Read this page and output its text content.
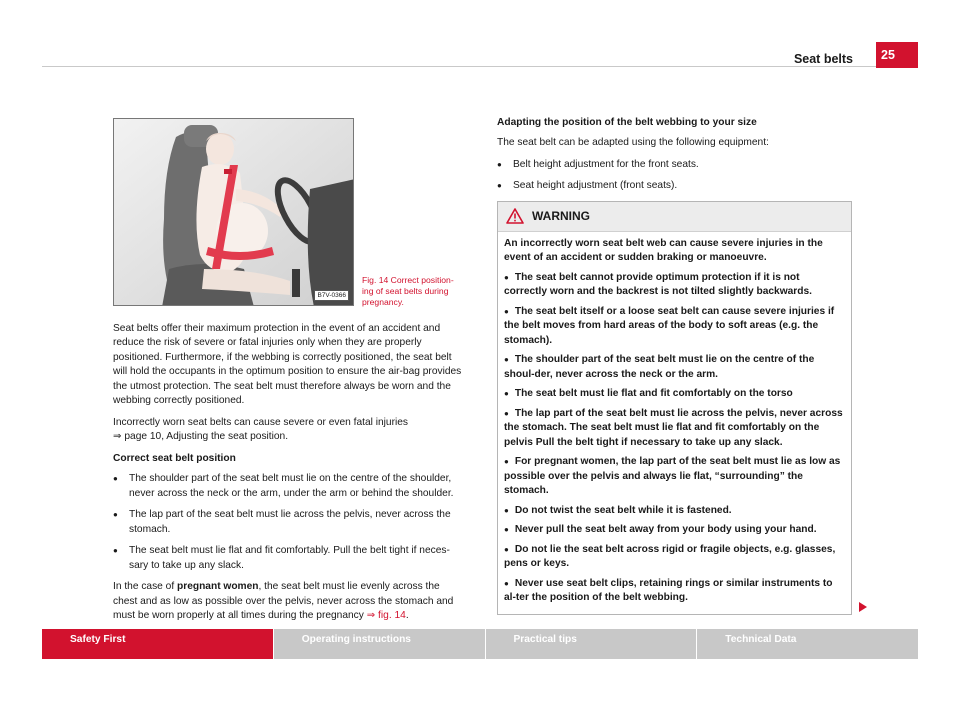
Seat belts	25
B7V-0366
Fig. 14 Correct position-ing of seat belts during pregnancy.

Seat belts offer their maximum protection in the event of an accident and reduce the risk of severe or fatal injuries only when they are properly positioned. Furthermore, if the webbing is correctly positioned, the seat belt will hold the occupants in the optimum position to ensure the air-bag provides the utmost protection. The seat belt must therefore always be worn and the webbing correctly positioned.

Incorrectly worn seat belts can cause severe or even fatal injuries
⇒ page 10, Adjusting the seat position.

Correct seat belt position
● The shoulder part of the seat belt must lie on the centre of the shoulder, never across the neck or the arm, under the arm or behind the shoulder.
● The lap part of the seat belt must lie across the pelvis, never across the stomach.
● The seat belt must lie flat and fit comfortably. Pull the belt tight if neces-sary to take up any slack.

In the case of pregnant women, the seat belt must lie evenly across the chest and as low as possible over the pelvis, never across the stomach and must be worn properly at all times during the pregnancy ⇒ fig. 14.

Adapting the position of the belt webbing to your size

The seat belt can be adapted using the following equipment:

● Belt height adjustment for the front seats.
● Seat height adjustment (front seats).
WARNING

An incorrectly worn seat belt web can cause severe injuries in the event of an accident or sudden braking or manoeuvre.

● The seat belt cannot provide optimum protection if it is not correctly worn and the backrest is not tilted slightly backwards.
● The seat belt itself or a loose seat belt can cause severe injuries if the belt moves from hard areas of the body to soft areas (e.g. the stomach).
● The shoulder part of the seat belt must lie on the centre of the shoul-der, never across the neck or the arm.
● The seat belt must lie flat and fit comfortably on the torso
● The lap part of the seat belt must lie across the pelvis, never across the stomach. The seat belt must lie flat and fit comfortably on the pelvis Pull the belt tight if necessary to take up any slack.
● For pregnant women, the lap part of the seat belt must lie as low as possible over the pelvis and always lie flat, “surrounding” the stomach.
● Do not twist the seat belt while it is fastened.
● Never pull the seat belt away from your body using your hand.
● Do not lie the seat belt across rigid or fragile objects, e.g. glasses, pens or keys.
● Never use seat belt clips, retaining rings or similar instruments to al-ter the position of the belt webbing.
Safety First	Operating instructions	Practical tips	Technical Data
